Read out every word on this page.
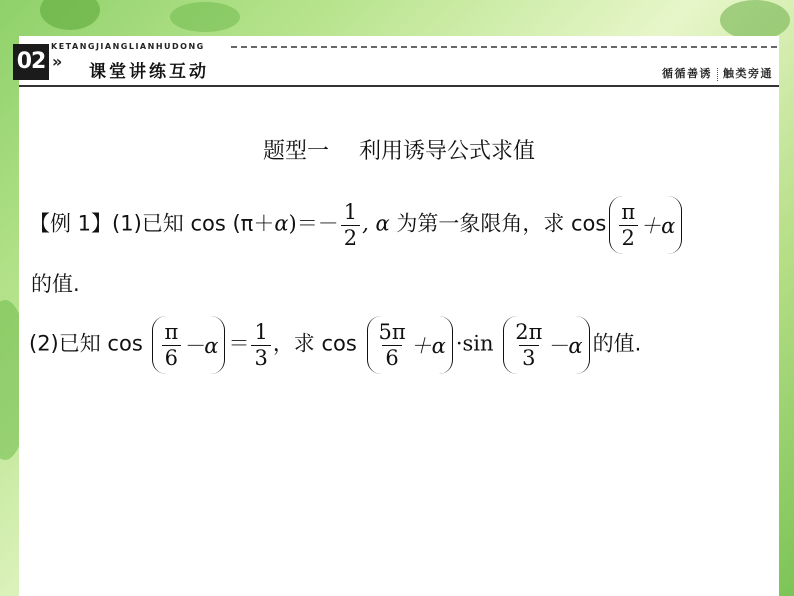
02
KETANGJIANGLIANHUDONG
»
课堂讲练互动	循循善诱 触类旁通
题型一 利用诱导公式求值
【例 1】(1)已知 $\cos (\pi+\alpha)=- \frac{1}{2}$ , α 为第一象限角，求 $\cos \frac{\pi}{2} +\alpha$
的值.
(2)已知 $\cos \frac{\pi}{6} -\alpha = \frac{1}{3}$ ，求 $\cos \frac{5\pi}{6} +\alpha \cdot\sin \frac{2\pi}{3} -\alpha$ 的值.
